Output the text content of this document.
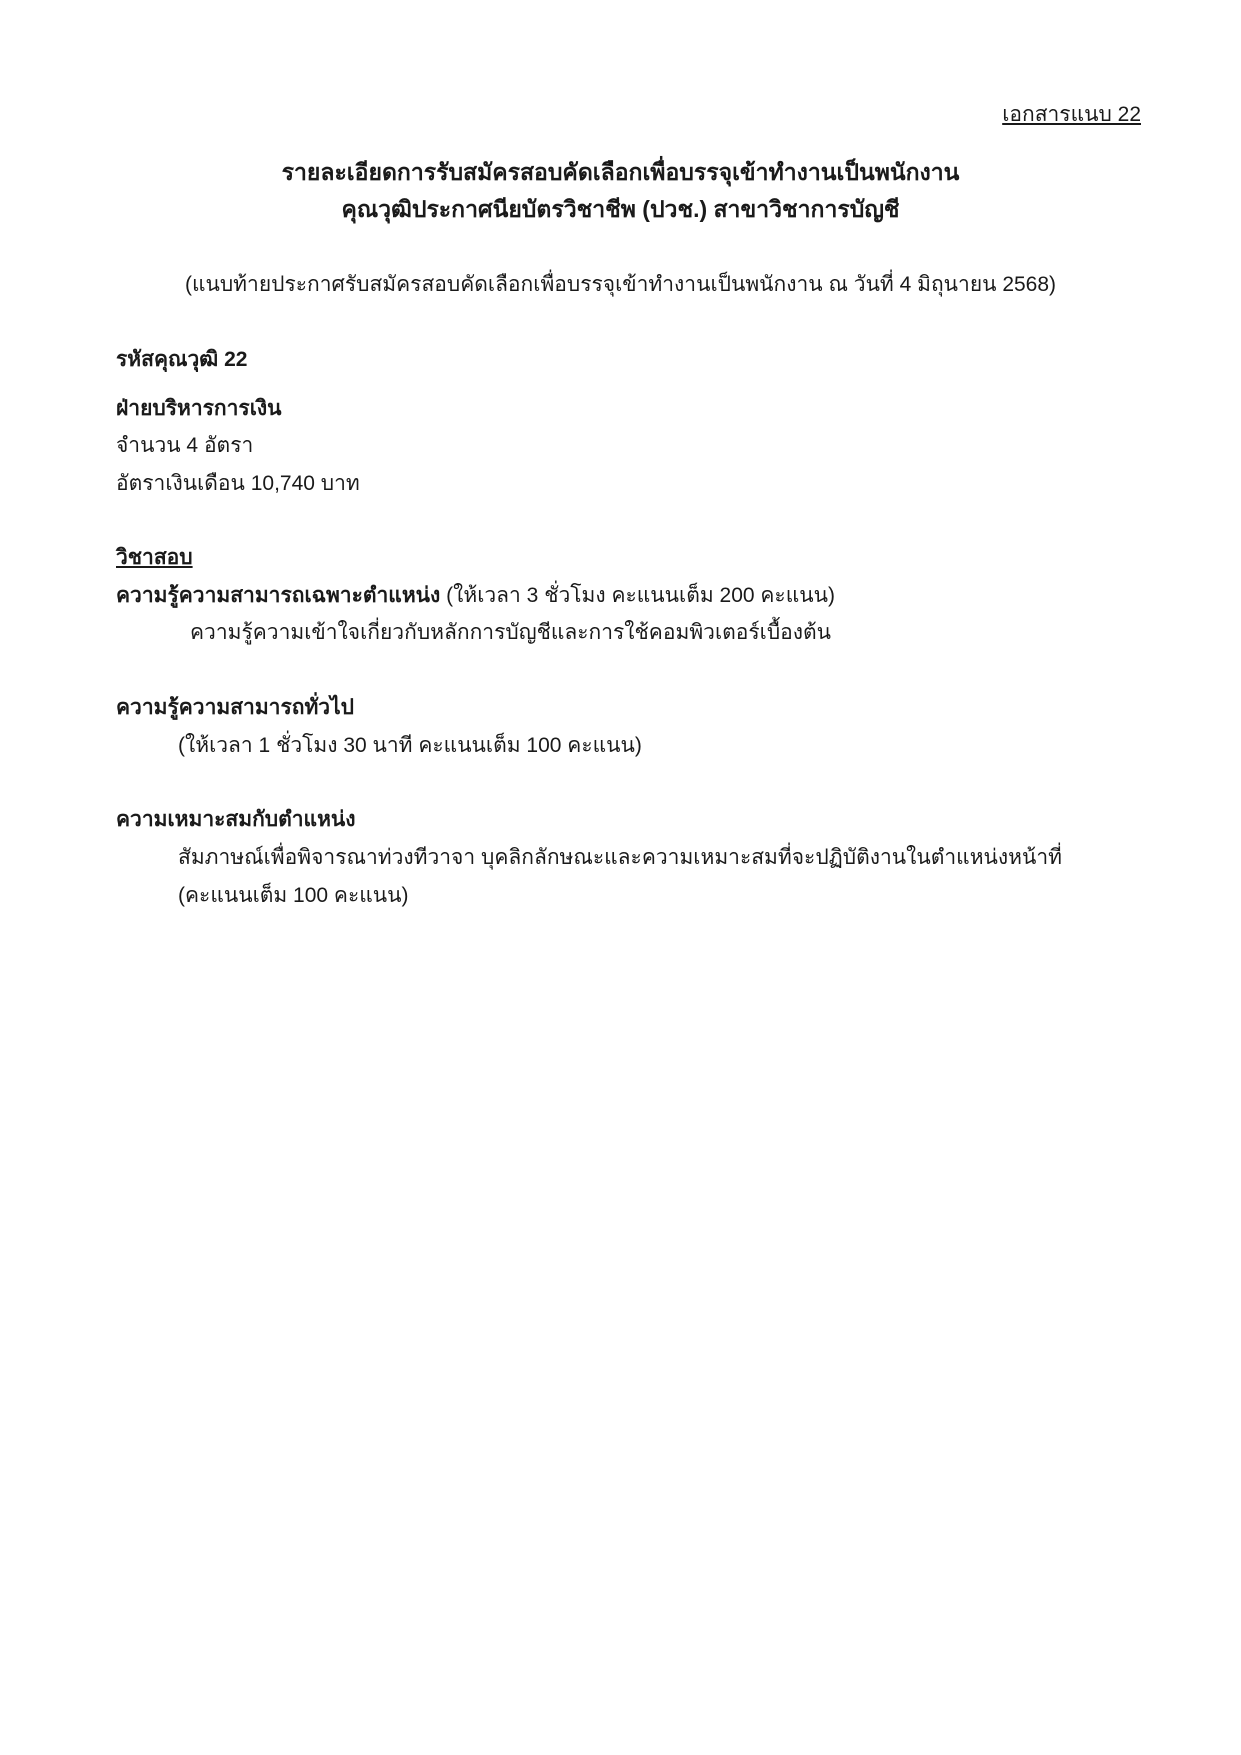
เอกสารแนบ 22
รายละเอียดการรับสมัครสอบคัดเลือกเพื่อบรรจุเข้าทำงานเป็นพนักงาน
คุณวุฒิประกาศนียบัตรวิชาชีพ (ปวช.) สาขาวิชาการบัญชี
(แนบท้ายประกาศรับสมัครสอบคัดเลือกเพื่อบรรจุเข้าทำงานเป็นพนักงาน ณ วันที่ 4 มิถุนายน 2568)
รหัสคุณวุฒิ 22
ฝ่ายบริหารการเงิน
จำนวน 4 อัตรา
อัตราเงินเดือน 10,740 บาท
วิชาสอบ
ความรู้ความสามารถเฉพาะตำแหน่ง (ให้เวลา 3 ชั่วโมง คะแนนเต็ม 200 คะแนน)
ความรู้ความเข้าใจเกี่ยวกับหลักการบัญชีและการใช้คอมพิวเตอร์เบื้องต้น
ความรู้ความสามารถทั่วไป
(ให้เวลา 1 ชั่วโมง 30 นาที คะแนนเต็ม 100 คะแนน)
ความเหมาะสมกับตำแหน่ง
สัมภาษณ์เพื่อพิจารณาท่วงทีวาจา บุคลิกลักษณะและความเหมาะสมที่จะปฏิบัติงานในตำแหน่งหน้าที่
(คะแนนเต็ม 100 คะแนน)
